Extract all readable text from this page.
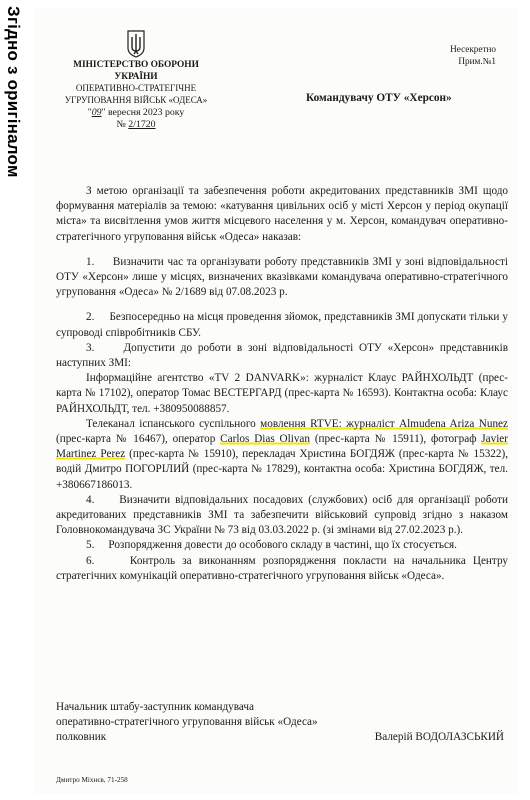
Згідно з оригіналом	МІНІСТЕРСТВО ОБОРОНИ
УКРАЇНИ
ОПЕРАТИВНО-СТРАТЕГІЧНЕ
УГРУПОВАННЯ ВІЙСЬК «ОДЕСА»
"09" вересня 2023 року
№ 2/1720
Несекретно
Прим.№1
Командувачу ОТУ «Херсон»

З метою організації та забезпечення роботи акредитованих представників ЗМІ щодо формування матеріалів за темою: «катування цивільних осіб у місті Херсон у період окупації міста» та висвітлення умов життя місцевого населення у м. Херсон, командувач оперативно-стратегічного угруповання військ «Одеса» наказав:

1.     Визначити час та організувати роботу представників ЗМІ у зоні відповідальності ОТУ «Херсон» лише у місцях, визначених вказівками командувача оперативно-стратегічного угруповання «Одеса» № 2/1689 від 07.08.2023 р.

2.     Безпосередньо на місця проведення зйомок, представників ЗМІ допускати тільки у супроводі співробітників СБУ.

3.     Допустити до роботи в зоні відповідальності ОТУ «Херсон» представників наступних ЗМІ:

Інформаційне агентство «TV 2 DANVARK»: журналіст Клаус РАЙНХОЛЬДТ (прес-карта № 17102), оператор Томас ВЕСТЕРГАРД (прес-карта № 16593). Контактна особа: Клаус РАЙНХОЛЬДТ, тел. +380950088857.

Телеканал іспанського суспільного мовлення RTVE: журналіст Almudena Ariza Nunez (прес-карта № 16467), оператор Carlos Dias Olivan (прес-карта № 15911), фотограф Javier Martinez Perez (прес-карта № 15910), перекладач Христина БОГДЯЖ (прес-карта № 15322), водій Дмитро ПОГОРІЛИЙ (прес-карта № 17829), контактна особа: Христина БОГДЯЖ, тел. +380667186013.

4.     Визначити відповідальних посадових (службових) осіб для організації роботи акредитованих представників ЗМІ та забезпечити військовий супровід згідно з наказом Головнокомандувача ЗС України № 73 від 03.03.2022 р. (зі змінами від 27.02.2023 р.).

5.     Розпорядження довести до особового складу в частині, що їх стосується.

6.     Контроль за виконанням розпорядження покласти на начальника Центру стратегічних комунікацій оперативно-стратегічного угруповання військ «Одеса».

Начальник штабу-заступник командувача
оперативно-стратегічного угруповання військ «Одеса»
полковник	Валерій ВОДОЛАЗСЬКИЙ
Дмитро Міхнєв, 71-258
